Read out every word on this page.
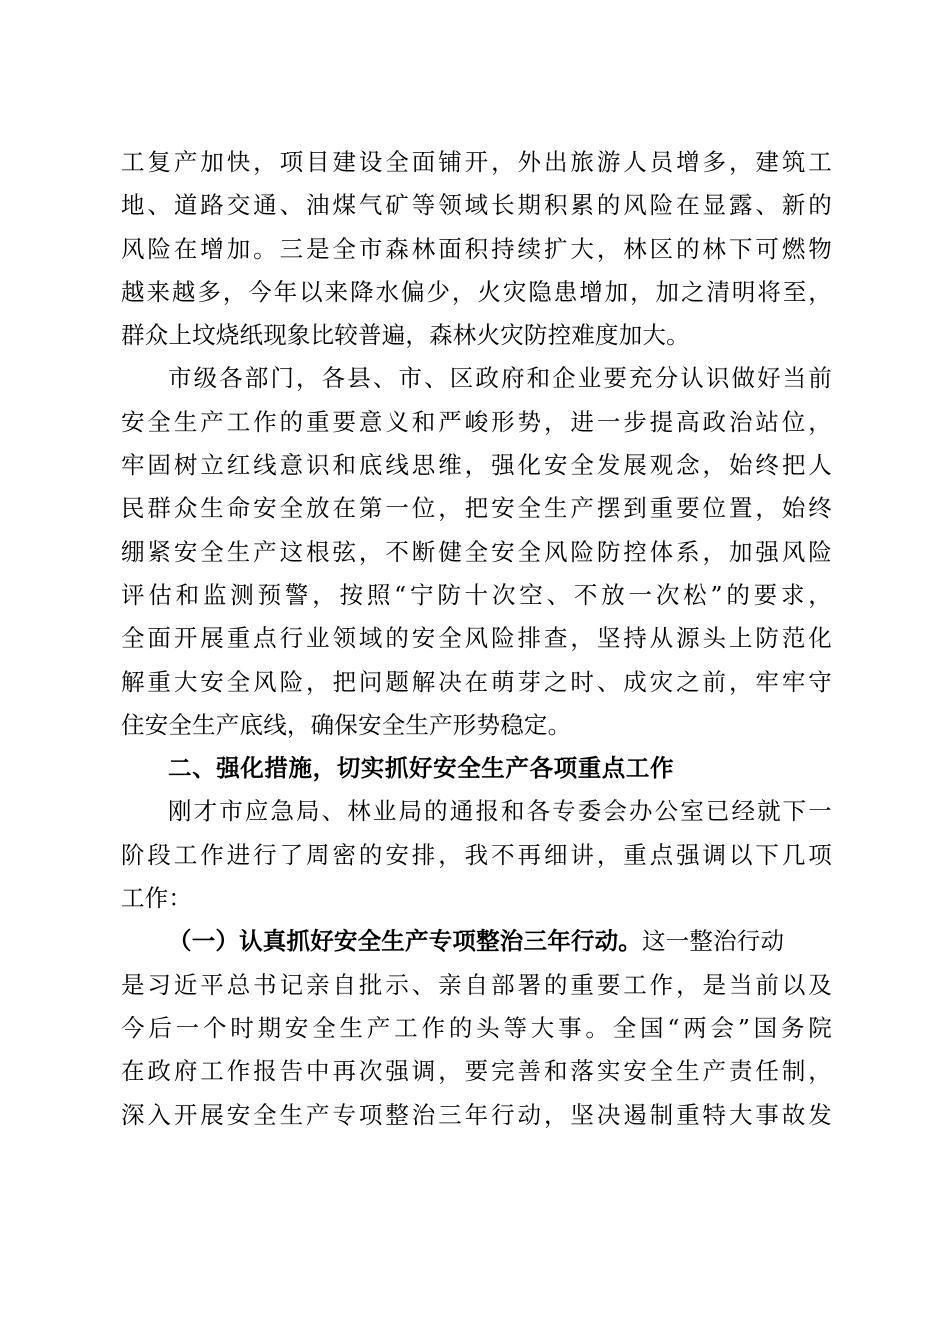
工复产加快，项目建设全面铺开，外出旅游人员增多，建筑工
地、道路交通、油煤气矿等领域长期积累的风险在显露、新的
风险在增加。三是全市森林面积持续扩大，林区的林下可燃物
越来越多，今年以来降水偏少，火灾隐患增加，加之清明将至，
群众上坟烧纸现象比较普遍，森林火灾防控难度加大。
市级各部门，各县、市、区政府和企业要充分认识做好当前
安全生产工作的重要意义和严峻形势，进一步提高政治站位，
牢固树立红线意识和底线思维，强化安全发展观念，始终把人
民群众生命安全放在第一位，把安全生产摆到重要位置，始终
绷紧安全生产这根弦，不断健全安全风险防控体系，加强风险
评估和监测预警，按照“宁防十次空、不放一次松”的要求，
全面开展重点行业领域的安全风险排查，坚持从源头上防范化
解重大安全风险，把问题解决在萌芽之时、成灾之前，牢牢守
住安全生产底线，确保安全生产形势稳定。
二、强化措施，切实抓好安全生产各项重点工作
刚才市应急局、林业局的通报和各专委会办公室已经就下一
阶段工作进行了周密的安排，我不再细讲，重点强调以下几项
工作：
（一）认真抓好安全生产专项整治三年行动。这一整治行动
是习近平总书记亲自批示、亲自部署的重要工作，是当前以及
今后一个时期安全生产工作的头等大事。全国“两会”国务院
在政府工作报告中再次强调，要完善和落实安全生产责任制，
深入开展安全生产专项整治三年行动，坚决遏制重特大事故发
